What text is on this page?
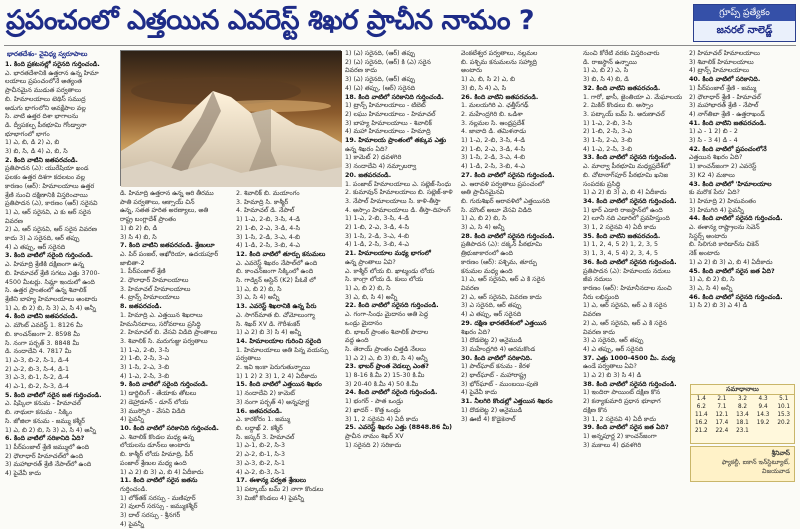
ప్రపంచంలో ఎత్తయిన ఎవరెస్ట్ శిఖర ప్రాచీన నామం ?	గ్రూప్స్ ప్రత్యేకం
జనరల్ నాలెడ్జ్
భారతదేశం- వైవిధ్య స్వరూపాలు

1. కింది ప్రకటనల్లో సరైనది గుర్తించండి.

ఎ. భారతదేశానికి ఉత్తరాన ఉన్న హిమా

లయాలు ప్రపంచంలోనే అత్యంత

ప్రాచీనమైన ముడుత పర్వతాలు

బి. హిమాలయాలు టెథిస్ సముద్ర

అడుగు భాగంలోని అవక్షేపాల వల్ల

సి. వాటి ఉత్తర దిశా భాగాలను

డి. ద్వీపకల్ప పీఠభూమి గోండ్వానా

భూభాగంలో భాగం

1) ఎ, బి, డి 2) ఎ, బి

3) బి, సి, డి 4) ఎ, బి, సి

2. కింది వాటిని జతపరచండి.

ప్రతిపాదన (ఎ): యురేషియా ఖండ

ఫలకం ఉత్తర దిశగా కదలటం వల్ల

కారణం (ఆర్): హిమాలయాలు ఉత్తర

శ్రేణి నుంచి దక్షిణానికి విస్తరించాయి

ప్రతిపాదన (ఎ), కారణం (ఆర్) సరైనవి

1) ఎ, ఆర్ సరైనవి, ఎ కు ఆర్ సరైన

వివరణ

2) ఎ, ఆర్ సరైనవి, ఆర్ సరైన వివరణ

కాదు 3) ఎ సరైనది, ఆర్ తప్పు

4) ఎ తప్పు, ఆర్ సరైనది

3. కింది వాటిలో సరైంది గుర్తించండి.

ఎ. హిమాద్రి శ్రేణికి దక్షిణంగా ఉన్న

బి. హిమాచల్ శ్రేణి సగటు ఎత్తు 3700-

4500 మీటర్లు. సిమ్లా ఇందులో ఉంది

సి. ఉత్తర ప్రాంతంలో ఉన్న శివాలిక్

శ్రేణిని బాహ్య హిమాలయాలు అంటారు

1) ఎ, బి 2) బి, సి 3) ఎ, సి 4) అన్నీ

4. కింది వాటిని జతపరచండి.

ఎ. మౌంట్ ఎవరెస్ట్ 1. 8126 మీ

బి. కాంచన్‌జంగా 2. 8598 మీ

సి. నంగా పర్బత్ 3. 8848 మీ

డి. నందాదేవి 4. 7817 మీ

1) ఎ-3, బి-2, సి-1, డి-4

2) ఎ-2, బి-3, సి-4, డి-1

3) ఎ-3, బి-1, సి-2, డి-4

4) ఎ-1, బి-2, సి-3, డి-4

5. కింది వాటిలో సరైన జత గుర్తించండి.

ఎ. షిప్కిలా కనుమ - హిమాచల్

బి. నాథులా కనుమ - సిక్కిం

సి. జోజిలా కనుమ - జమ్ము కశ్మీర్

1) ఎ, బి 2) బి, సి 3) ఎ, సి 4) అన్నీ

6. కింది వాటిలో సరికానిది ఏది?

1) పీర్‌పంజాల్ శ్రేణి జమ్ములో ఉంది

2) ధౌలాధార్ హిమాచల్‌లో ఉంది

3) మహాభారత్ శ్రేణి నేపాల్‌లో ఉంది

4) పైవేవీ కాదు

డి. హిమాద్రి ఉత్తరాన ఉన్న ఆరి తీరము

పాతి పర్వతాలు, ఆక్సాయ్ చిన్

ఉన్న, సతత హరిత అరణ్యాలు, అతి

రాష్ట్ర బంగ్లాదేశ్ ప్రాంతం

1) బి 2) బి, డి

3) సి 4) బి, సి

7. కింది వాటిని జతపరచండి. శ్రేణులూ

ఎ. పిర్ పంజల్, ఆఖోరియా, ఉదయపూర్

జాబితా-2

1. పీర్‌పంజాల్ శ్రేణి

2. ధౌలాధార్ హిమాలయాలు

3. హిమాచల్ హిమాలయాలు

4. ట్రాన్స్ హిమాలయాలు

8. జతపరచండి.

1. హిమాద్రి ఎ. ఎత్తయిన శిఖరాలు

హిమనీనదాలు, సరోవరాలు ప్రసిద్ధి

2. హిమాచల్ బి. వేసవి విడిది ప్రాంతాలు

3. శివాలిక్ సి. మరుగుజ్జు పర్వతాలు

1) 1-ఎ, 2-బి, 3-సి

2) 1-బి, 2-సి, 3-ఎ

3) 1-సి, 2-ఎ, 3-బి

4) 1-ఎ, 2-సి, 3-బి

9. కింది వాటిలో సరైంది గుర్తించండి.

1) డార్జిలింగ్ - తేయాకు తోటలు

2) డెహ్రాడూన్ - డూన్ లోయ

3) ముస్సోరి - వేసవి విడిది

4) పైవన్నీ

10. కింది వాటిలో సరికానిది గుర్తించండి.

ఎ. శివాలిక్ కొండల మధ్య ఉన్న

లోయలను డూన్‌లు అంటారు

బి. కాశ్మీర్ లోయ హిమాద్రి, పీర్

పంజాల్ శ్రేణుల మధ్య ఉంది

1) ఎ 2) బి 3) ఎ, బి 4) ఏదీకాదు

11. కింది వాటిలో సరైన జతను

గుర్తించండి.

1) లోక్‌తక్ సరస్సు - మణిపూర్

2) వులార్ సరస్సు - జమ్ముకశ్మీర్

3) దాల్ సరస్సు - శ్రీనగర్

4) పైవన్నీ

2. శివాలిక్ బి. మయాంగం

3. హిమాద్రి సి. కాశ్మీర్

4. హిమాచల్ డి. నేపాల్

1) 1-ఎ, 2-బి, 3-సి, 4-డి

2) 1-బి, 2-ఎ, 3-డి, 4-సి

3) 1-సి, 2-డి, 3-ఎ, 4-బి

4) 1-డి, 2-సి, 3-బి, 4-ఎ

12. కింది వాటిలో తూర్పు కనుమలు

ఎ. ఎవరెస్ట్ శిఖరం నేపాల్‌లో ఉంది

బి. కాంచన్‌జంగా సిక్కింలో ఉంది

సి. గాడ్విన్ ఆస్టిన్ (K2) పీఓకే లో

1) ఎ, బి 2) బి, సి

3) ఎ, సి 4) అన్నీ

13. ఎవరెస్ట్ శిఖరానికి ఉన్న పేరు

ఎ. సాగర్‌మాత బి. చోమోలుంగ్మా

సి. శిఖర్ XV డి. గౌరీశంకర్

1) ఎ 2) బి 3) సి 4) అన్నీ

14. హిమాలయాల గురించి సరైంది

1. హిమాలయాలు అతి పిన్న వయస్సు

పర్వతాలు

2. ఇవి ఇంకా పెరుగుతున్నాయి

1) 1 2) 2 3) 1, 2 4) ఏదీకాదు

15. కింది వాటిలో ఎత్తయిన శిఖరం

1) నందాదేవి 2) కామెట్

3) నంగా పర్బత్ 4) అన్నపూర్ణ

16. జతపరచండి.

ఎ. కారకోరం 1. జమ్ము

బి. లద్దాఖ్ 2. కశ్మీర్

సి. జస్కర్ 3. హిమాచల్

1) ఎ-1, బి-2, సి-3

2) ఎ-2, బి-1, సి-3

3) ఎ-3, బి-2, సి-1

4) ఎ-2, బి-3, సి-1

17. ఈశాన్య పర్వత శ్రేణులు

1) పట్కాయ్ బమ్ 2) నాగా కొండలు

3) మిజో కొండలు 4) పైవన్నీ

1) (ఎ) సరైనది, (ఆర్) తప్పు

2) (ఎ) సరైనది, (ఆర్) కి (ఎ) సరైన

వివరణ కాదు

3) (ఎ) సరైనది, (ఆర్) తప్పు

4) (ఎ) తప్పు, (ఆర్) సరైనది

18. కింది వాటిలో సరికానిది గుర్తించండి.

1) ట్రాన్స్ హిమాలయాలు - టిబెట్

2) లఘు హిమాలయాలు - హిమాచల్

3) బాహ్య హిమాలయాలు - శివాలిక్

4) మహా హిమాలయాలు - హిమాద్రి

19. హిమాలయ ప్రాంతంలో తక్కువ ఎత్తు

ఉన్న శిఖరం ఏది?

1) కామెట్ 2) ధవళగిరి

3) నందాదేవి 4) నమ్చాబర్వా

20. జతపరచండి.

1. పంజాబ్ హిమాలయాలు ఎ. సట్లెజ్-సింధు

2. కుమావున్ హిమాలయాలు బి. సట్లెజ్-కాళి

3. నేపాల్ హిమాలయాలు సి. కాళి-తీస్తా

4. అస్సాం హిమాలయాలు డి. తీస్తా-దిహంగ్

1) 1-ఎ, 2-బి, 3-సి, 4-డి

2) 1-బి, 2-ఎ, 3-డి, 4-సి

3) 1-సి, 2-డి, 3-ఎ, 4-బి

4) 1-డి, 2-సి, 3-బి, 4-ఎ

21. హిమాలయాల మధ్య భాగంలో

ఉన్న ప్రాంతాలు ఏవి?

ఎ. కాశ్మీర్ లోయ బి. ఖాట్మండు లోయ

సి. కాంగ్రా లోయ డి. కులు లోయ

1) ఎ, బి 2) బి, సి

3) ఎ, బి, సి 4) అన్నీ

22. కింది వాటిలో సరైనది గుర్తించండి.

ఎ. గంగా-సింధు మైదానం అతి పెద్ద

ఒండ్రు మైదానం

బి. భాబర్ ప్రాంతం శివాలిక్ పాదాల

వద్ద ఉంది

సి. తెరాయ్ ప్రాంతం చిత్తడి నేలలు

1) ఎ 2) ఎ, బి 3) బి, సి 4) అన్నీ

23. భాబర్ ప్రాంత వెడల్పు ఎంత?

1) 8-16 కి.మీ 2) 15-30 కి.మీ

3) 20-40 కి.మీ 4) 50 కి.మీ

24. కింది వాటిలో సరైంది గుర్తించండి.

1) భంగర్ - పాత ఒండ్రు

2) ఖాదర్ - కొత్త ఒండ్రు

3) 1, 2 సరైనవి 4) ఏదీ కాదు

25. ఎవరెస్ట్ శిఖరం ఎత్తు (8848.86 మీ)

ప్రాచీన నామం శిఖర్ XV

1) సరైనది 2) సరికాదు

వెంకటేశ్వర పర్వతాలు, నల్లమల

బి. పశ్చిమ కనుమలను సహ్యాద్రి

అంటారు

1) ఎ, బి, సి 2) ఎ, బి

3) బి, సి 4) ఎ, సి

26. కింది వాటిని జతపరచండి.

1. మలయగిరి ఎ. ఛత్తీస్‌గఢ్

2. మహేంద్రగిరి బి. ఒడిశా

3. నల్లమల సి. ఆంధ్రప్రదేశ్

4. జావాది డి. తమిళనాడు

1) 1-ఎ, 2-బి, 3-సి, 4-డి

2) 1-బి, 2-ఎ, 3-డి, 4-సి

3) 1-సి, 2-డి, 3-ఎ, 4-బి

4) 1-డి, 2-సి, 3-బి, 4-ఎ

27. కింది వాటిలో సరైనవి గుర్తించండి.

ఎ. ఆరావళి పర్వతాలు ప్రపంచంలో

అతి ప్రాచీనమైనవి

బి. గురుశిఖర్ ఆరావళిలో ఎత్తయినది

సి. మౌంట్ అబూ వేసవి విడిది

1) ఎ, బి 2) బి, సి

3) ఎ, సి 4) అన్నీ

28. కింది వాటిలో సరైనది గుర్తించండి.

ప్రతిపాదన (ఎ): దక్కన్ పీఠభూమి

త్రిభుజాకారంలో ఉంది

కారణం (ఆర్): పశ్చిమ, తూర్పు

కనుమల మధ్య ఉంది

1) ఎ, ఆర్ సరైనవి, ఆర్ ఎ కి సరైన

వివరణ

2) ఎ, ఆర్ సరైనవి, వివరణ కాదు

3) ఎ సరైనది, ఆర్ తప్పు

4) ఎ తప్పు, ఆర్ సరైనది

29. దక్షిణ భారతదేశంలో ఎత్తయిన

శిఖరం ఏది?

1) దొడబెట్ట 2) అనైముడి

3) మహేంద్రగిరి 4) అరమకొండ

30. కింది వాటిలో సరికానిది.

1) పాల్‌ఘాట్ కనుమ - కేరళ

2) థాల్‌ఘాట్ - మహారాష్ట్ర

3) భోర్‌ఘాట్ - ముంబయి-పుణె

4) పైవేవీ కాదు

31. నీలగిరి కొండల్లో ఎత్తయిన శిఖరం

1) దొడబెట్ట 2) అనైముడి

3) ఊటీ 4) కొడైకెనాల్

నుంచి కోరేటి వరకు విస్తరించారు

డి. రాజస్థాన్ ఉన్నాయి

1) ఎ, బి 2) ఎ, సి

3) బి, సి 4) బి, డి

32. కింది వాటిని జతపరచండి.

1. గారో, ఖాసీ, జైంతియా ఎ. మేఘాలయ

2. మికిర్ కొండలు బి. అస్సాం

3. పట్కాయ్ బమ్ సి. అరుణాచల్

1) 1-ఎ, 2-బి, 3-సి

2) 1-బి, 2-సి, 3-ఎ

3) 1-సి, 2-ఎ, 3-బి

4) 1-ఎ, 2-సి, 3-బి

33. కింది వాటిలో సరైనది గుర్తించండి.

ఎ. మాల్వా పీఠభూమి మధ్యప్రదేశ్‌లో

బి. చోటానాగ్‌పూర్ పీఠభూమి ఖనిజ

సంపదకు ప్రసిద్ధి

1) ఎ 2) బి 3) ఎ, బి 4) ఏదీకాదు

34. కింది వాటిలో సరైనది గుర్తించండి.

1) థార్ ఎడారి రాజస్థాన్‌లో ఉంది

2) లూనీ నది ఎడారిలో ప్రవహిస్తుంది

3) 1, 2 సరైనవి 4) ఏదీ కాదు

35. కింది వాటిని జతపరచండి.

1) 1, 2, 4, 5 2) 1, 2, 3, 5

3) 1, 3, 4, 5 4) 2, 3, 4, 5

36. కింది వాటిలో సరైనది గుర్తించండి.

ప్రతిపాదన (ఎ): హిమాలయ నదులు

జీవ నదులు

కారణం (ఆర్): హిమానీనదాల నుంచి

నీరు లభిస్తుంది

1) ఎ, ఆర్ సరైనవి, ఆర్ ఎ కి సరైన

వివరణ

2) ఎ, ఆర్ సరైనవి, ఆర్ ఎ కి సరైన

వివరణ కాదు

3) ఎ సరైనది, ఆర్ తప్పు

4) ఎ తప్పు, ఆర్ సరైనది

37. ఎత్తు 1000-4500 మీ. మధ్య

ఉండే పర్వతాలు ఏవి?

1) ఎ 2) బి 3) సి 4) డి

38. కింది వాటిలో సరైనది గుర్తించండి.

1) ఇందిరా పాయింట్ దక్షిణ కొన

2) కన్యాకుమారి ప్రధాన భూభాగ

దక్షిణ కొన

3) 1, 2 సరైనవి 4) ఏదీ కాదు

39. కింది వాటిలో సరైన జత ఏది?

1) అన్నపూర్ణ 2) కాంచన్‌జంగా

3) మకాలు 4) ధవళగిరి

2) హిమాచల్ హిమాలయాలు

3) శివాలిక్ హిమాలయాలు

4) ట్రాన్స్ హిమాలయాలు

40. కింది వాటిలో సరికానిది.

1) పీర్‌పంజాల్ శ్రేణి - జమ్ము

2) ధౌలాధార్ శ్రేణి - హిమాచల్

3) మహాభారత్ శ్రేణి - నేపాల్

4) నాగ్‌తిబా శ్రేణి - ఉత్తరాఖండ్

41. కింది వాటిని జతపరచండి.

1) ఎ - 1 2) బి - 2

3) సి - 3 4) డి - 4

42. కింది వాటిలో ప్రపంచంలోనే

ఎత్తయిన శిఖరం ఏది?

1) కాంచన్‌జంగా 2) ఎవరెస్ట్

3) K2 4) మకాలు

43. కింది వాటిలో 'హిమాలయాల

కు మరొక పేరు' ఏది?

1) హిమాద్రి 2) హిమవంతం

3) హిమగిరి 4) పైవన్నీ

44. కింది వాటిలో సరైనది గుర్తించండి.

ఎ. ఈశాన్య రాష్ట్రాలను సెవెన్

సిస్టర్స్ అంటారు

బి. సిలిగురి కారిడార్‌ను చికెన్

నెక్ అంటారు

1) ఎ 2) బి 3) ఎ, బి 4) ఏదీకాదు

45. కింది వాటిలో సరైన జత ఏది?

1) ఎ, బి 2) బి, సి

3) ఎ, సి 4) అన్నీ

46. కింది వాటిలో సరైనది గుర్తించండి.

1) సి 2) బి 3) ఎ 4) డి

సమాధానాలు
1.4	2.1	3.2	4.3	5.1
6.2	7.1	8.2	9.4	10.1
11.4	12.1	13.4	14.3	15.3
16.2	17.4	18.1	19.2	20.2
21.2	22.4	23.1		
శ్రీనివాస్
ఫ్యాకల్టీ, ఐకాన్ ఇన్‌స్టిట్యూట్,
విజయవాడ
